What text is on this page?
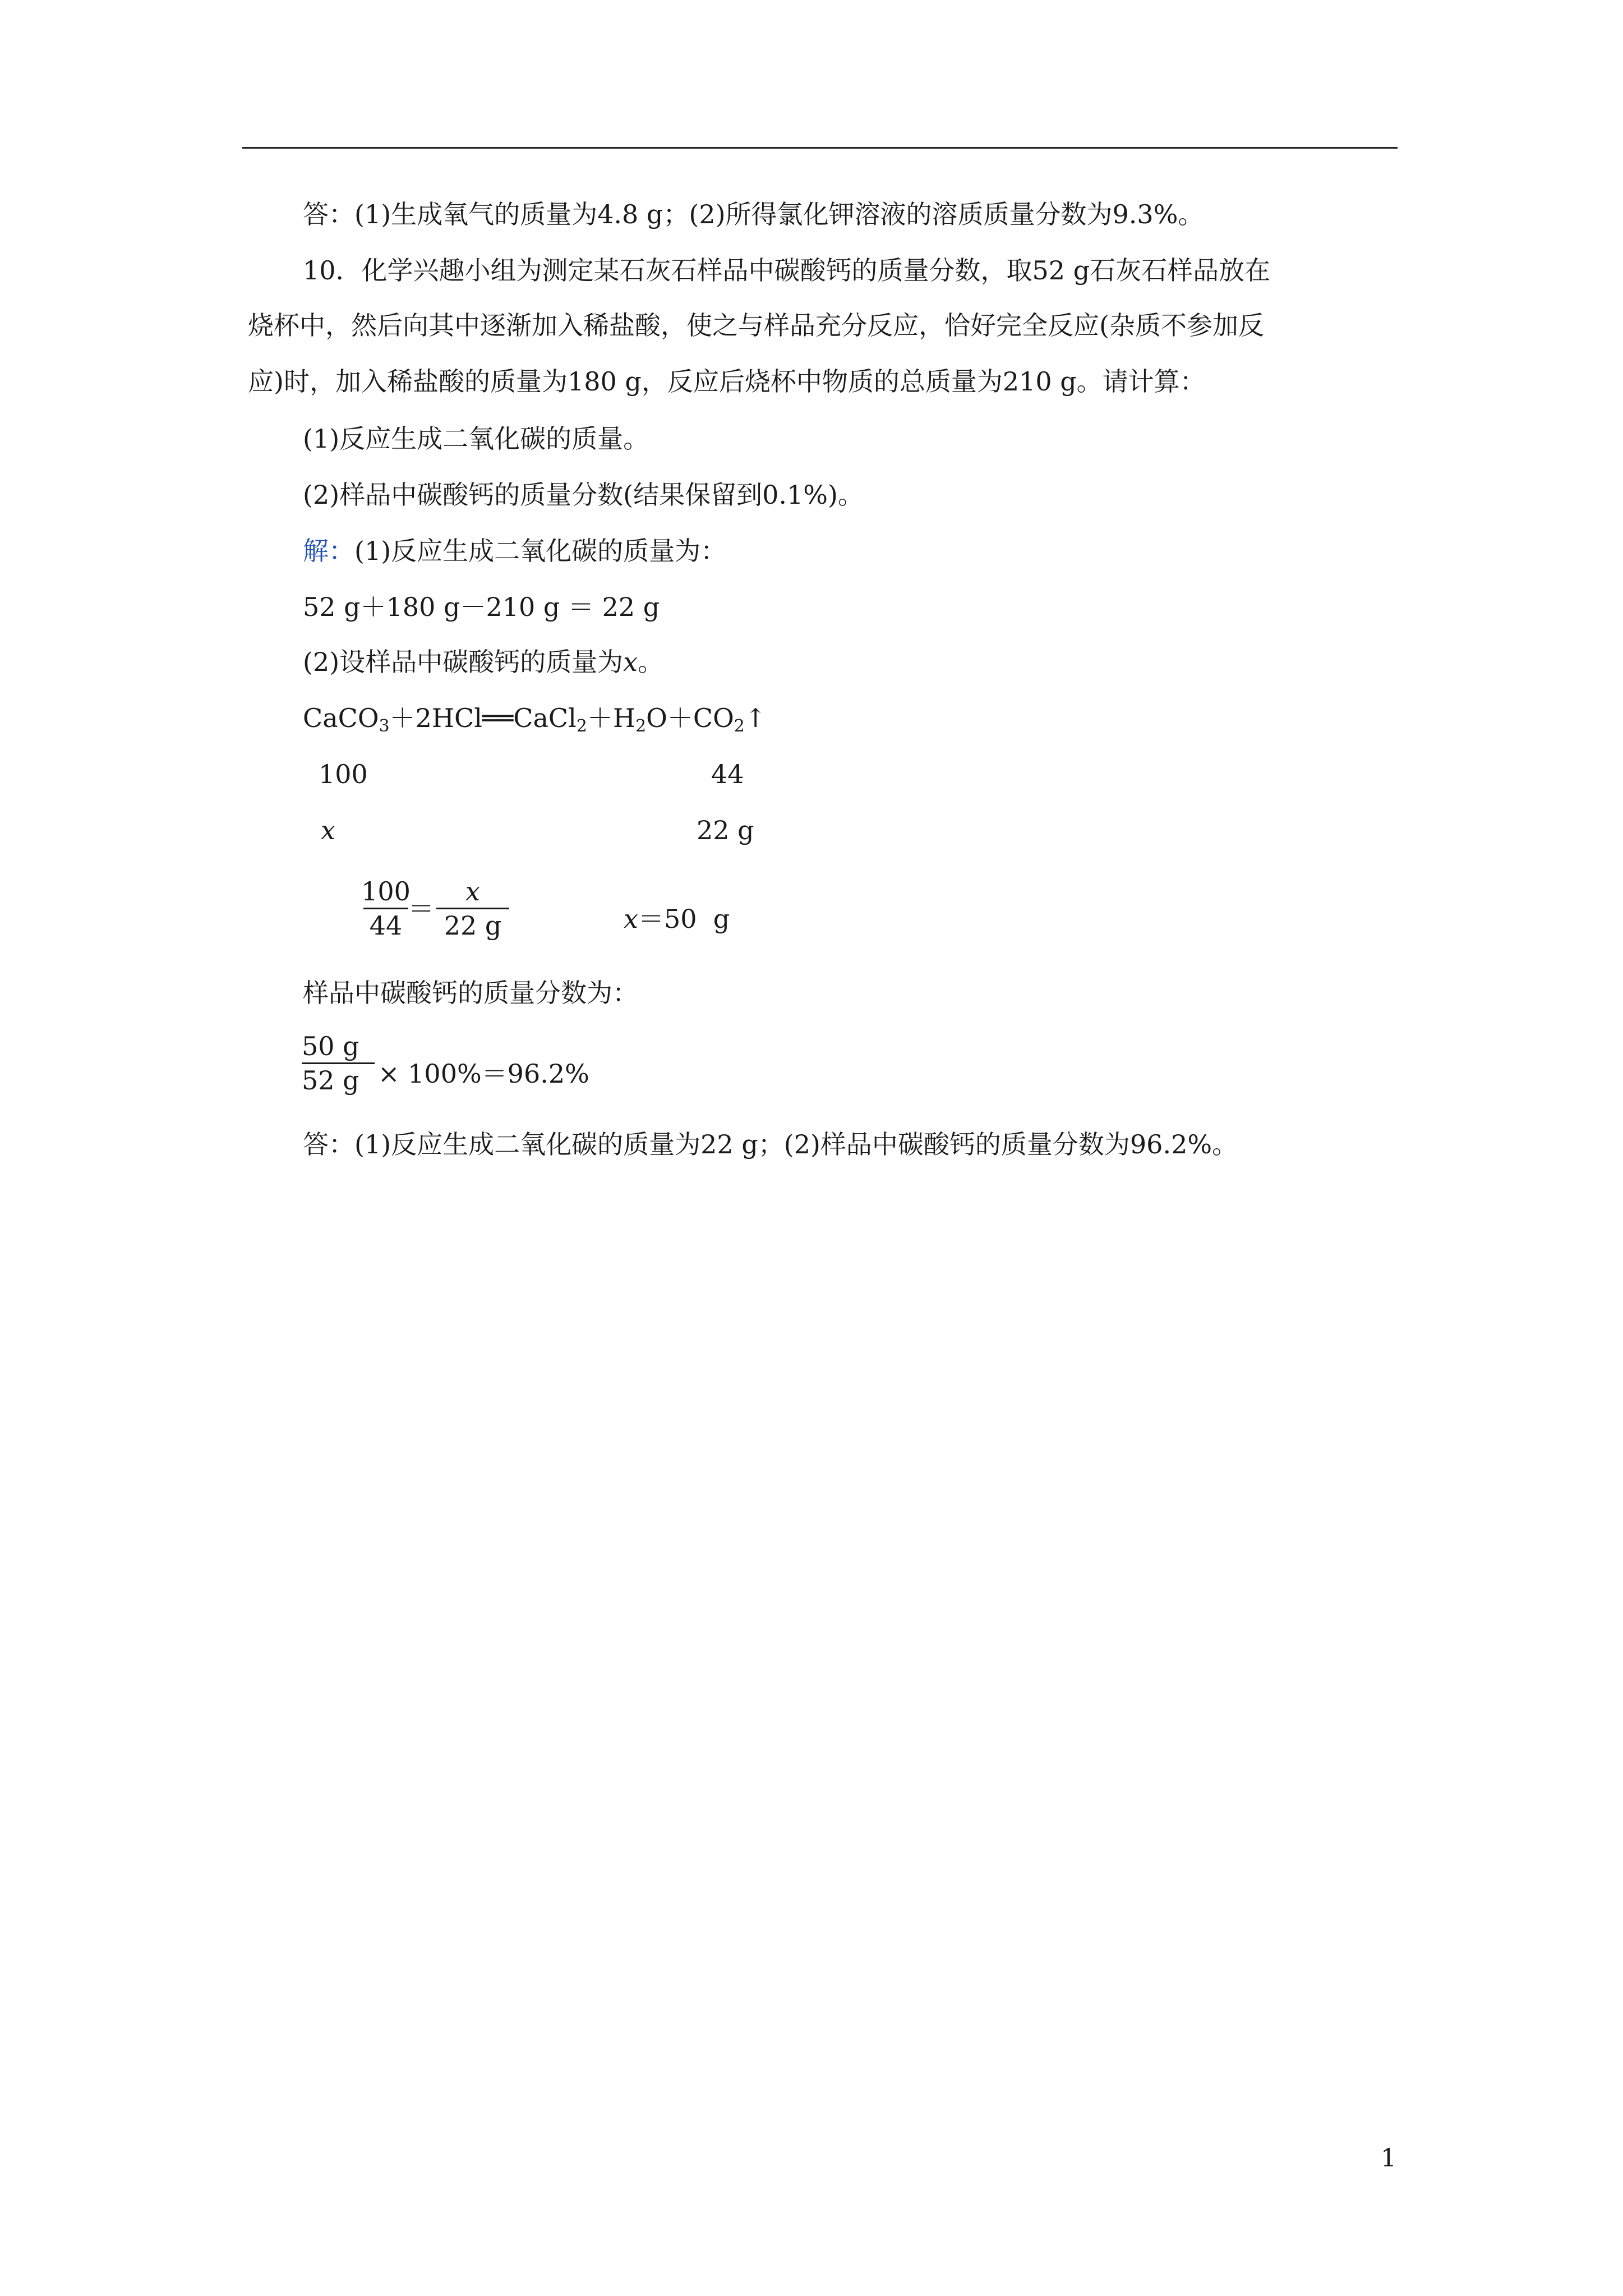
答：(1)生成氧气的质量为4.8 g；(2)所得氯化钾溶液的溶质质量分数为9.3%。
10．化学兴趣小组为测定某石灰石样品中碳酸钙的质量分数，取52 g石灰石样品放在
烧杯中，然后向其中逐渐加入稀盐酸，使之与样品充分反应，恰好完全反应(杂质不参加反
应)时，加入稀盐酸的质量为180 g，反应后烧杯中物质的总质量为210 g。请计算：
(1)反应生成二氧化碳的质量。
(2)样品中碳酸钙的质量分数(结果保留到0.1%)。
解：(1)反应生成二氧化碳的质量为：
52 g＋180 g－210 g ＝ 22 g
(2)设样品中碳酸钙的质量为x。
$CaCO_3+2HCl══CaCl_2+H_2O+CO_2↑$
100	44
x	22 g
100
44
＝
x
22 g	x＝50  g
样品中碳酸钙的质量分数为：
50 g
52 g × 100%＝96.2%
答：(1)反应生成二氧化碳的质量为22 g；(2)样品中碳酸钙的质量分数为96.2%。
1
